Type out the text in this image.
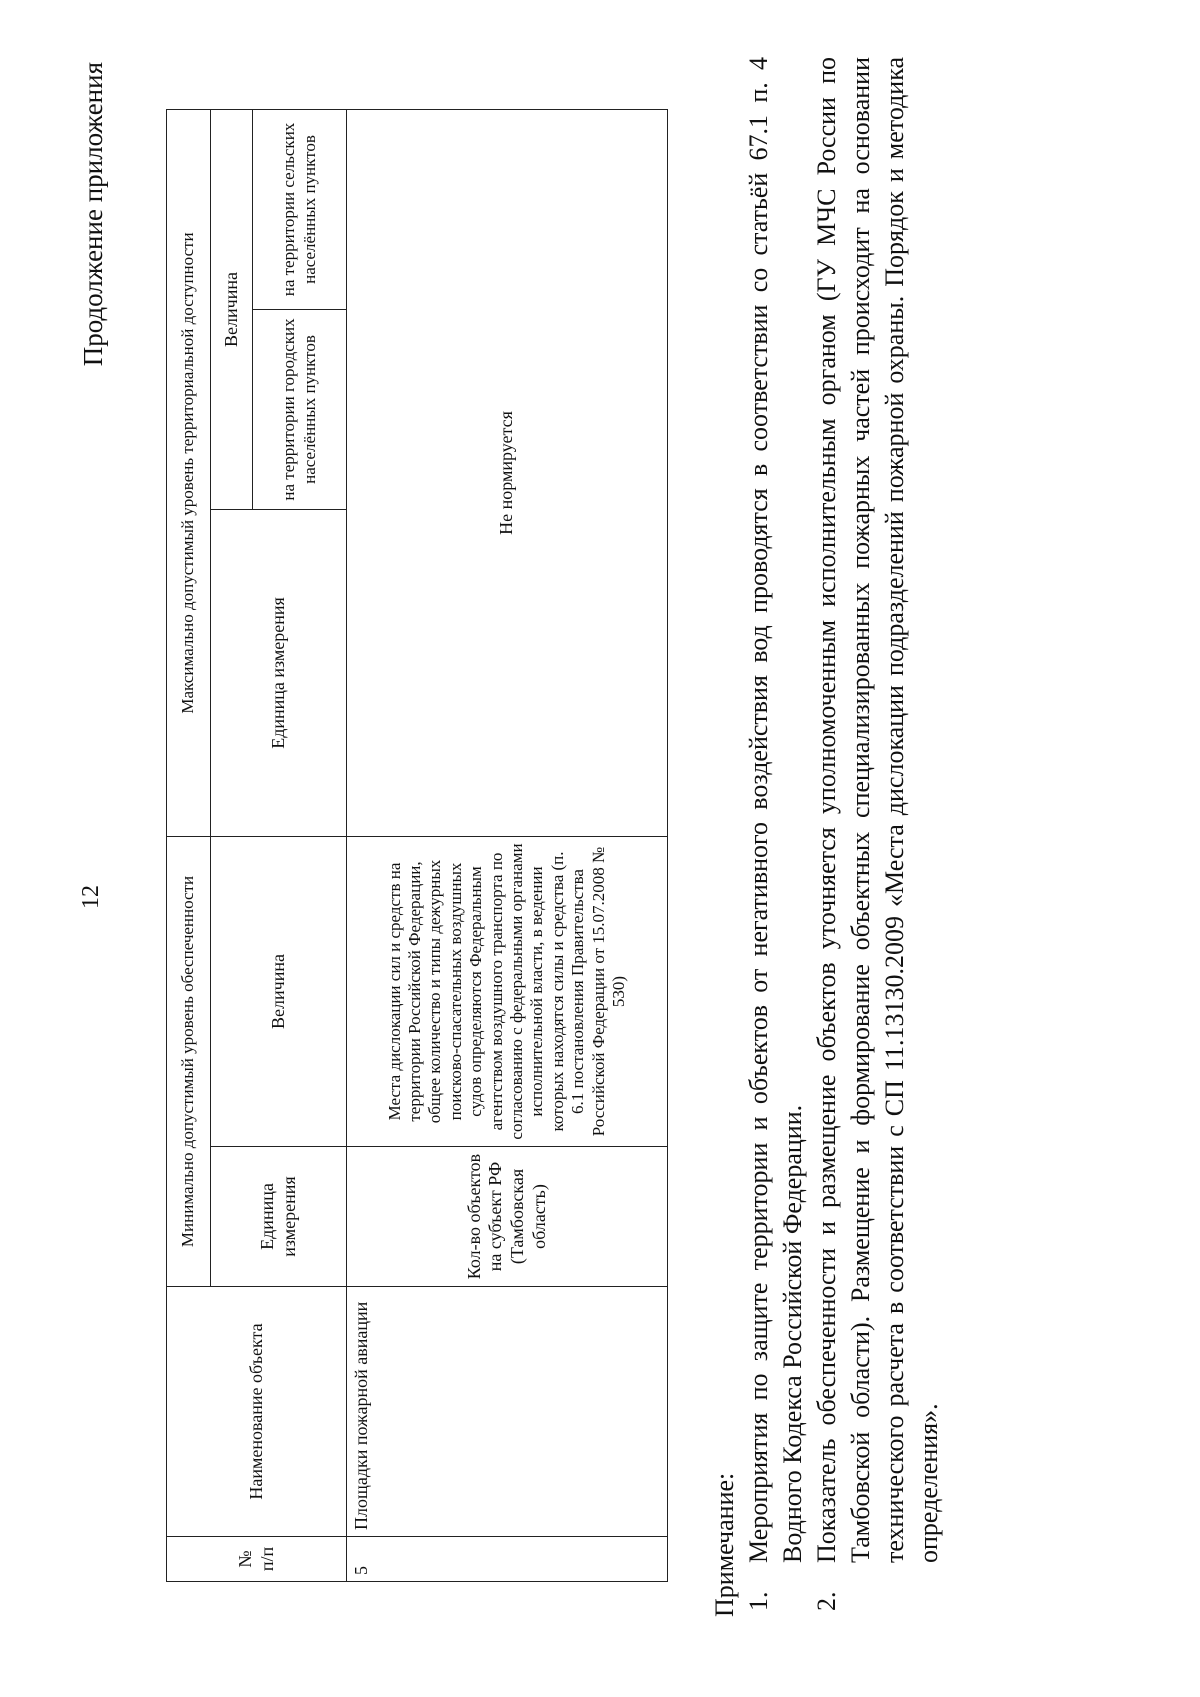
Продолжение приложения
12
№ п/п	Наименование объекта	Минимально допустимый уровень обеспеченности		Максимально допустимый уровень территориальной доступности		
		Единица измерения	Величина	Единица измерения	Величина	
					на территории городских населённых пунктов	на территории сельских населённых пунктов
5	Площадки пожарной авиации	Кол-во объектов на субъект РФ (Тамбовская область)	Места дислокации сил и средств на территории Российской Федерации, общее количество и типы дежурных поисково-спасательных воздушных судов определяются Федеральным агентством воздушного транспорта по согласованию с федеральными органами исполнительной власти, в ведении которых находятся силы и средства (п. 6.1 постановления Правительства Российской Федерации от 15.07.2008 № 530)	Не нормируется		
Примечание: 1.
Мероприятия по защите территории и объектов от негативного воздействия вод проводятся в соответствии со статьёй 67.1 п. 4 Водного Кодекса Российской Федерации.
2.
Показатель обеспеченности и размещение объектов уточняется уполномоченным исполнительным органом (ГУ МЧС России по Тамбовской области). Размещение и формирование объектных специализированных пожарных частей происходит на основании технического расчета в соответствии с СП 11.13130.2009 «Места дислокации подразделений пожарной охраны. Порядок и методика определения».
